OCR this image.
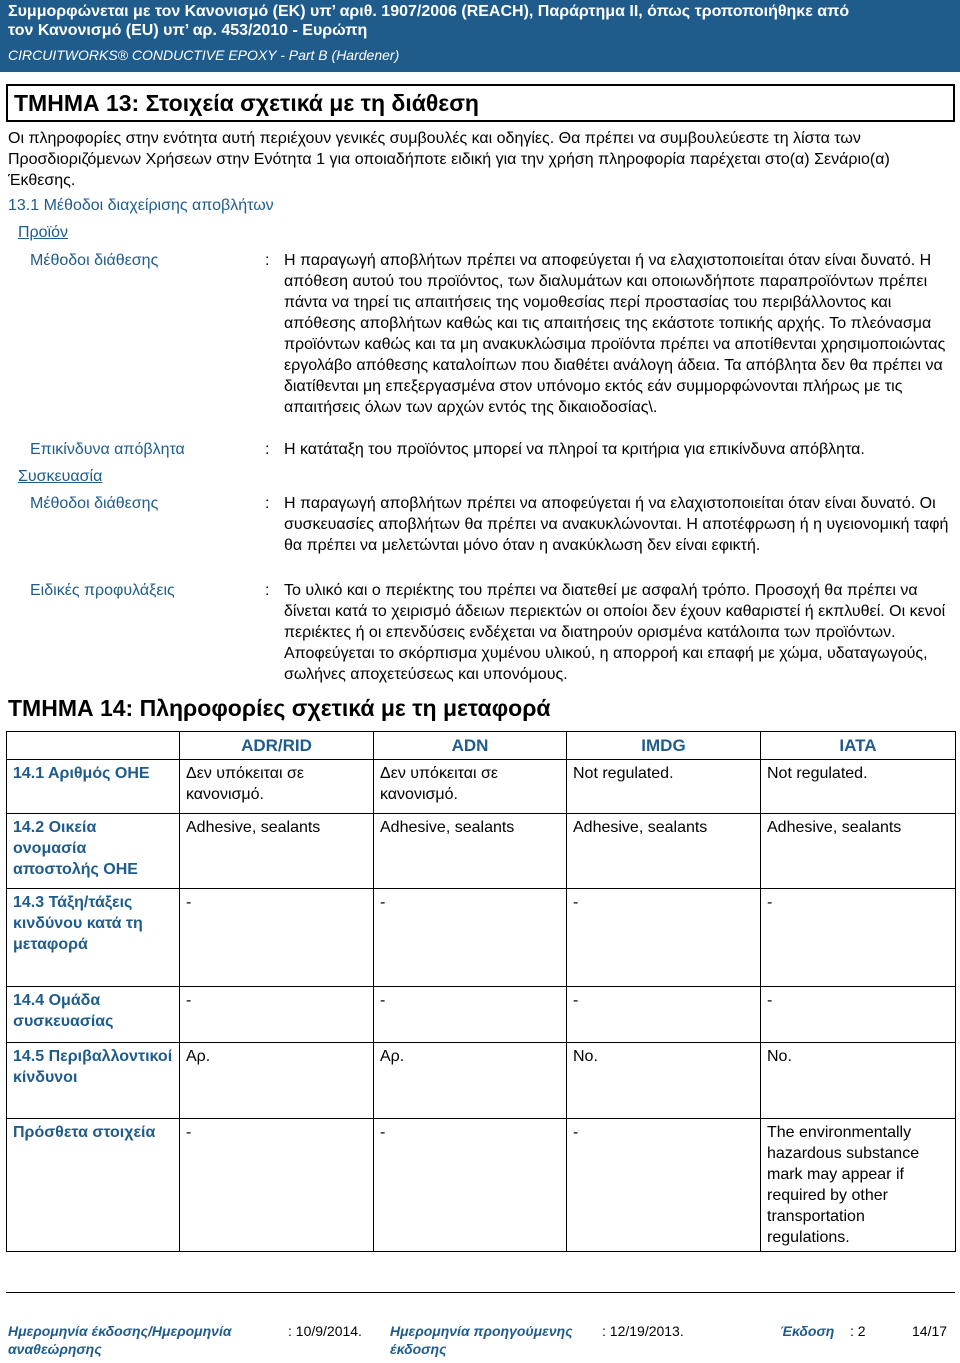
Συμμορφώνεται με τον Κανονισμό (ΕΚ) υπ’ αριθ. 1907/2006 (REACH), Παράρτημα II, όπως τροποποιήθηκε από
τον Κανονισμό (ΕU) υπ’ αρ. 453/2010 - Ευρώπη
CIRCUITWORKS® CONDUCTIVE EPOXY - Part B (Hardener)
ΤΜΗΜΑ 13: Στοιχεία σχετικά με τη διάθεση
Οι πληροφορίες στην ενότητα αυτή περιέχουν γενικές συμβουλές και οδηγίες. Θα πρέπει να συμβουλεύεστε τη λίστα των Προσδιοριζόμενων Χρήσεων στην Ενότητα 1 για οποιαδήποτε ειδική για την χρήση πληροφορία παρέχεται στο(α) Σενάριο(α) Έκθεσης.
13.1 Μέθοδοι διαχείρισης αποβλήτων
Προϊόν
Μέθοδοι διάθεσης	: Η παραγωγή αποβλήτων πρέπει να αποφεύγεται ή να ελαχιστοποιείται όταν είναι δυνατό. Η απόθεση αυτού του προϊόντος, των διαλυμάτων και οποιωνδήποτε παραπροϊόντων πρέπει πάντα να τηρεί τις απαιτήσεις της νομοθεσίας περί προστασίας του περιβάλλοντος και απόθεσης αποβλήτων καθώς και τις απαιτήσεις της εκάστοτε τοπικής αρχής. Το πλεόνασμα προϊόντων καθώς και τα μη ανακυκλώσιμα προϊόντα πρέπει να αποτίθενται χρησιμοποιώντας εργολάβο απόθεσης καταλοίπων που διαθέτει ανάλογη άδεια. Τα απόβλητα δεν θα πρέπει να διατίθενται μη επεξεργασμένα στον υπόνομο εκτός εάν συμμορφώνονται πλήρως με τις απαιτήσεις όλων των αρχών εντός της δικαιοδοσίας\.
Επικίνδυνα απόβλητα	: Η κατάταξη του προϊόντος μπορεί να πληροί τα κριτήρια για επικίνδυνα απόβλητα.
Συσκευασία
Μέθοδοι διάθεσης	: Η παραγωγή αποβλήτων πρέπει να αποφεύγεται ή να ελαχιστοποιείται όταν είναι δυνατό. Οι συσκευασίες αποβλήτων θα πρέπει να ανακυκλώνονται. Η αποτέφρωση ή η υγειονομική ταφή θα πρέπει να μελετώνται μόνο όταν η ανακύκλωση δεν είναι εφικτή.
Ειδικές προφυλάξεις	: Το υλικό και ο περιέκτης του πρέπει να διατεθεί με ασφαλή τρόπο. Προσοχή θα πρέπει να δίνεται κατά το χειρισμό άδειων περιεκτών οι οποίοι δεν έχουν καθαριστεί ή εκπλυθεί. Οι κενοί περιέκτες ή οι επενδύσεις ενδέχεται να διατηρούν ορισμένα κατάλοιπα των προϊόντων. Αποφεύγεται το σκόρπισμα χυμένου υλικού, η απορροή και επαφή με χώμα, υδαταγωγούς, σωλήνες αποχετεύσεως και υπονόμους.
ΤΜΗΜΑ 14: Πληροφορίες σχετικά με τη μεταφορά
	ADR/RID	ADN	IMDG	IATA
14.1 Αριθμός ΟΗΕ	Δεν υπόκειται σε κανονισμό.	Δεν υπόκειται σε κανονισμό.	Not regulated.	Not regulated.
14.2 Οικεία ονομασία αποστολής ΟΗΕ	Adhesive, sealants	Adhesive, sealants	Adhesive, sealants	Adhesive, sealants
14.3 Τάξη/τάξεις κινδύνου κατά τη μεταφορά	-	-	-	-
14.4 Ομάδα συσκευασίας	-	-	-	-
14.5 Περιβαλλοντικοί κίνδυνοι	Αρ.	Αρ.	No.	No.
Πρόσθετα στοιχεία	-	-	-	The environmentally hazardous substance mark may appear if required by other transportation regulations.
Ημερομηνία έκδοσης/Ημερομηνία αναθεώρησης
: 10/9/2014. Ημερομηνία προηγούμενης έκδοσης
: 12/19/2013.	Έκδοση : 2	14/17
